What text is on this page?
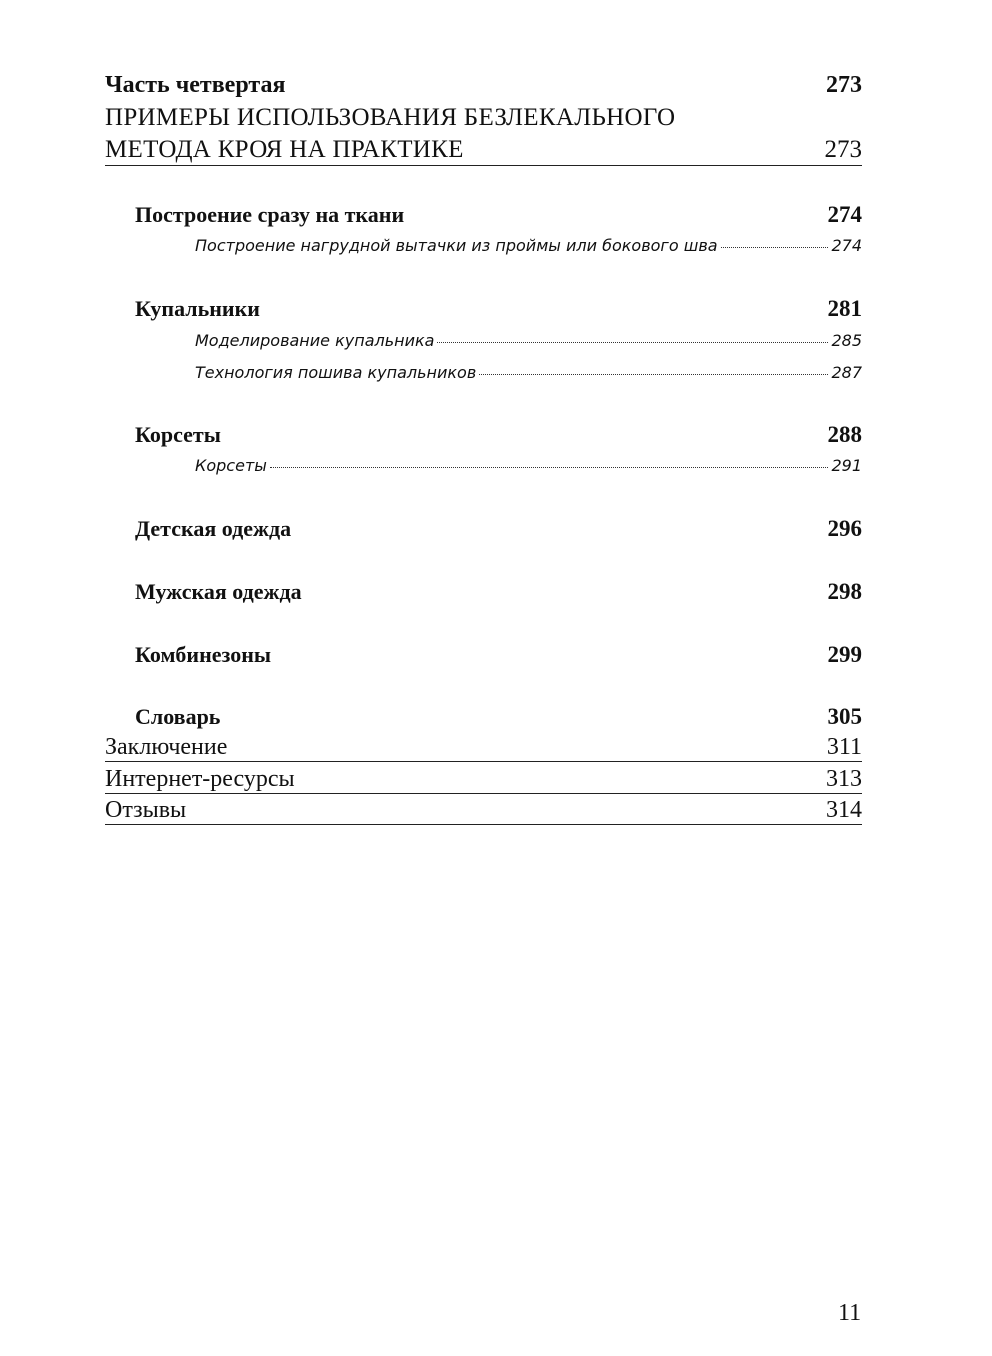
Часть четвертая	273
ПРИМЕРЫ ИСПОЛЬЗОВАНИЯ БЕЗЛЕКАЛЬНОГО
МЕТОДА КРОЯ НА ПРАКТИКЕ	273
Построение сразу на ткани	274
Построение нагрудной вытачки из проймы или бокового шва	274
Купальники	281
Моделирование купальника	285
Технология пошива купальников	287
Корсеты	288
Корсеты	291
Детская одежда	296
Мужская одежда	298
Комбинезоны	299
Словарь	305
Заключение	311
Интернет-ресурсы	313
Отзывы	314
11
